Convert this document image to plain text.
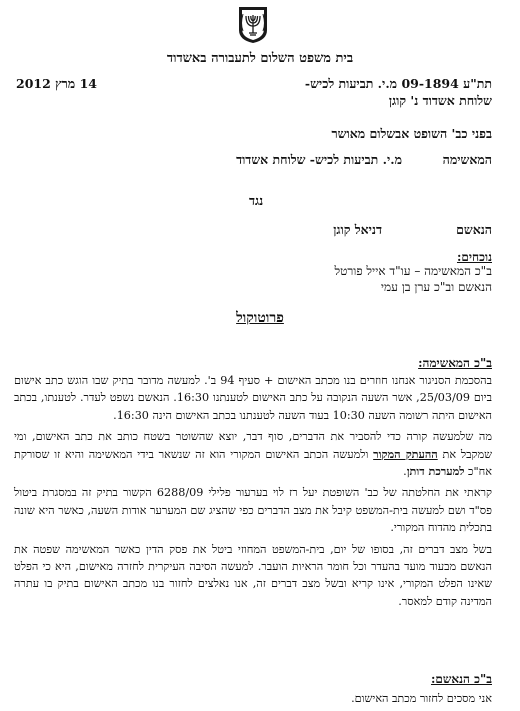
בית משפט השלום לתעבורה באשדוד
תת"ע 09-1894 מ.י. תביעות לכיש-
שלוחת אשדוד נ' קוגן
14 מרץ 2012
בפני כב' השופט אבשלום מאושר
המאשימה
מ.י. תביעות לכיש- שלוחת אשדוד
נגד
הנאשם
דניאל קוגן
נוכחים:
ב"כ המאשימה – עו"ד אייל פורטל
הנאשם וב"כ ערן בן עמי
פרוטוקול
ב"כ המאשימה:

בהסכמת הסניגור אנחנו חוזרים בנו מכתב האישום + סעיף 94 ב'. למעשה מדובר בתיק שבו הוגש כתב אישום ביום 25/03/09, אשר השעה הנקובה על כתב האישום לטענתנו 16:30. הנאשם נשפט לעדר. לטענתו, בכתב האישום היתה רשומה השעה 10:30 בעוד השעה לטענתנו בכתב האישום הינה 16:30.

מה שלמעשה קורה כדי להסביר את הדברים, סוף דבר, יוצא שהשוטר בשטח כותב את כתב האישום, ומי שמקבל את ההעתק המקור ולמעשה הכתב האישום המקורי הוא זה שנשאר בידי המאשימה והיא זו שסורקת אח"כ למערכת דותן.

קראתי את החלטתה של כב' השופטת יעל רז לוי בערעור פלילי 6288/09 הקשור בתיק זה במסגרת ביטול פס"ד ושם למעשה בית-המשפט קיבל את מצב הדברים כפי שהציג שם המערער אודות השעה, כאשר היא שונה בתכלית מהדוח המקורי.

בשל מצב דברים זה, בסופו של יום, בית-המשפט המחוזי ביטל את פסק הדין כאשר המאשימה שפטה את הנאשם מבעוד מועד בהעדר וכל חומר הראיות הועבר. למעשה הסיבה העיקרית לחזרה מאישום, היא כי הפלט שאינו הפלט המקורי, אינו קריא ובשל מצב דברים זה, אנו נאלצים לחזור בנו מכתב האישום בתיק בו עתרה המדינה קודם למאסר.

ב"כ הנאשם:

אני מסכים לחזור מכתב האישום.
